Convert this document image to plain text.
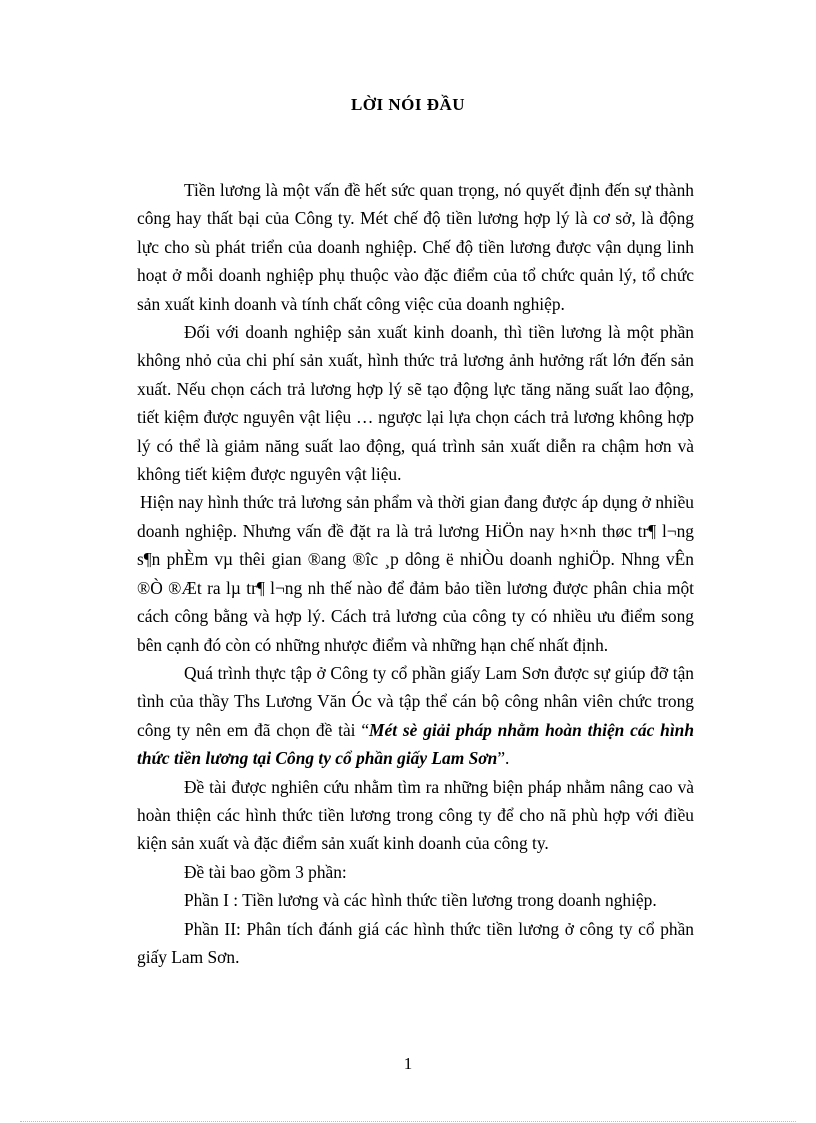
LỜI NÓI ĐẦU

Tiền lương là một vấn đề hết sức quan trọng, nó quyết định đến sự thành công hay thất bại của Công ty. Mét chế độ tiền lương hợp lý là cơ sở, là động lực cho sù phát triển của doanh nghiệp. Chế độ tiền lương được vận dụng linh hoạt ở mỗi doanh nghiệp phụ thuộc vào đặc điểm của tổ chức quản lý, tổ chức sản xuất kinh doanh và tính chất công việc của doanh nghiệp.

Đối với doanh nghiệp sản xuất kinh doanh, thì tiền lương là một phần không nhỏ của chi phí sản xuất, hình thức trả lương ảnh hưởng rất lớn đến sản xuất. Nếu chọn cách trả lương hợp lý sẽ tạo động lực tăng năng suất lao động, tiết kiệm được nguyên vật liệu … ngược lại lựa chọn cách trả lương không hợp lý có thể là giảm năng suất lao động, quá trình sản xuất diễn ra chậm hơn và không tiết kiệm được nguyên vật liệu.

Hiện nay hình thức trả lương sản phẩm và thời gian đang được áp dụng ở nhiều doanh nghiệp. Nhưng vấn đề đặt ra là trả lương HiÖn nay h×nh thøc tr¶ l¬ng s¶n phÈm vµ thêi gian ®ang ®îc ¸p dông ë nhiÒu doanh nghiÖp. Nhng vÊn ®Ò ®Æt ra lµ tr¶ l¬ng nh thế nào để đảm bảo tiền lương được phân chia một cách công bằng và hợp lý. Cách trả lương của công ty có nhiều ưu điểm song bên cạnh đó còn có những nhược điểm và những hạn chế nhất định.

Quá trình thực tập ở Công ty cổ phần giấy Lam Sơn được sự giúp đỡ tận tình của thầy Ths Lương Văn Óc và tập thể cán bộ công nhân viên chức trong công ty nên em đã chọn đề tài “Mét sè giải pháp nhằm hoàn thiện các hình thức tiền lương tại Công ty cổ phần giấy Lam Sơn”.

Đề tài được nghiên cứu nhằm tìm ra những biện pháp nhằm nâng cao và hoàn thiện các hình thức tiền lương trong công ty để cho nã phù hợp với điều kiện sản xuất và đặc điểm sản xuất kinh doanh của công ty.

Đề tài bao gồm 3 phần:

Phần I : Tiền lương và các hình thức tiền lương trong doanh nghiệp.

Phần II: Phân tích đánh giá các hình thức tiền lương ở công ty cổ phần giấy Lam Sơn.

1
